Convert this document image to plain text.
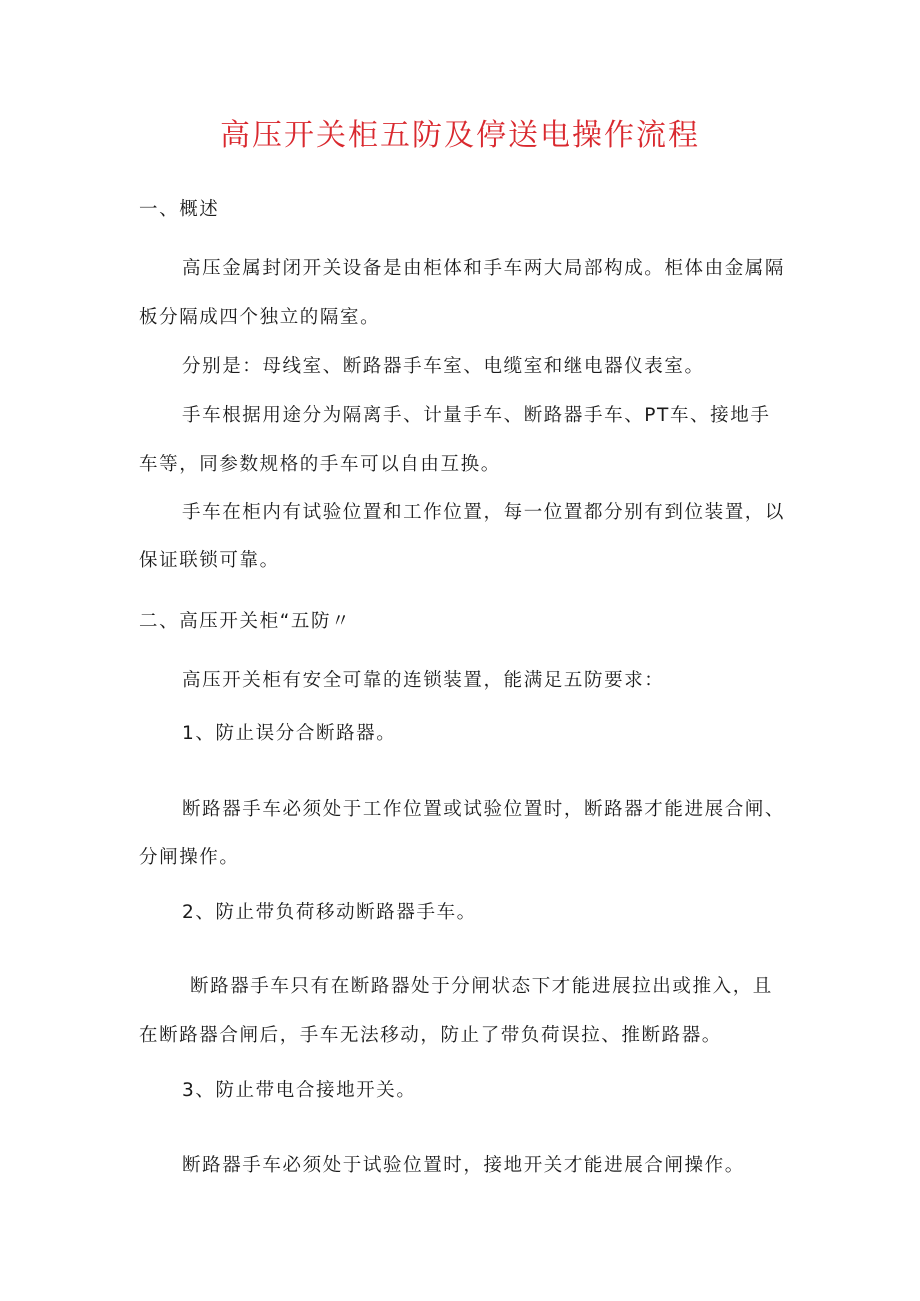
高压开关柜五防及停送电操作流程
一、概述
高压金属封闭开关设备是由柜体和手车两大局部构成。柜体由金属隔
板分隔成四个独立的隔室。
分别是：母线室、断路器手车室、电缆室和继电器仪表室。
手车根据用途分为隔离手、计量手车、断路器手车、PT车、接地手
车等，同参数规格的手车可以自由互换。
手车在柜内有试验位置和工作位置，每一位置都分别有到位装置，以
保证联锁可靠。
二、高压开关柜“五防〃
高压开关柜有安全可靠的连锁装置，能满足五防要求：
1、防止误分合断路器。
断路器手车必须处于工作位置或试验位置时，断路器才能进展合闸、
分闸操作。
2、防止带负荷移动断路器手车。
断路器手车只有在断路器处于分闸状态下才能进展拉出或推入，且
在断路器合闸后，手车无法移动，防止了带负荷误拉、推断路器。
3、防止带电合接地开关。
断路器手车必须处于试验位置时，接地开关才能进展合闸操作。
